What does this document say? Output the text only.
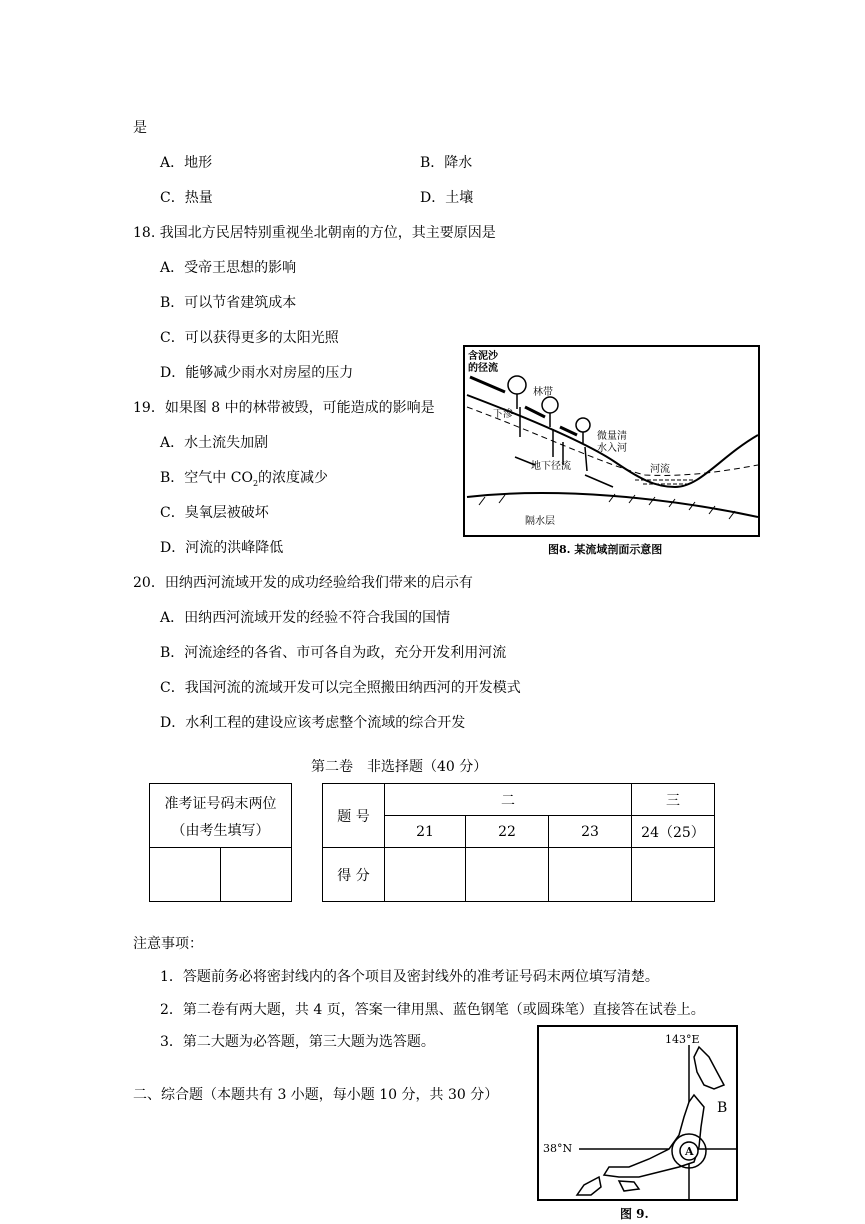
是
A．地形	B．降水
C．热量	D．土壤
18. 我国北方民居特别重视坐北朝南的方位，其主要原因是
A．受帝王思想的影响
B．可以节省建筑成本
C．可以获得更多的太阳光照
D．能够减少雨水对房屋的压力
19．如果图 8 中的林带被毁，可能造成的影响是
A．水土流失加剧
B．空气中 $CO_2$的浓度减少
C．臭氧层被破坏
D．河流的洪峰降低
含泥沙
的径流
林带
下渗
微量清
水入河
地下径流	河流
隔水层
图8. 某流域剖面示意图
20．田纳西河流域开发的成功经验给我们带来的启示有
A．田纳西河流域开发的经验不符合我国的国情
B．河流途经的各省、市可各自为政，充分开发利用河流
C．我国河流的流域开发可以完全照搬田纳西河的开发模式
D．水利工程的建设应该考虑整个流域的综合开发
第二卷　非选择题（40 分）
准考证号码末两位
（由考生填写）

题 号	二			三
	21	22	23	24（25）
得 分				
注意事项：
1．答题前务必将密封线内的各个项目及密封线外的准考证号码末两位填写清楚。
2．第二卷有两大题，共 4 页，答案一律用黑、蓝色钢笔（或圆珠笔）直接答在试卷上。
3．第二大题为必答题，第三大题为选答题。
二、综合题（本题共有 3 小题，每小题 10 分，共 30 分）
A
B
143°E
38°N
图 9.
